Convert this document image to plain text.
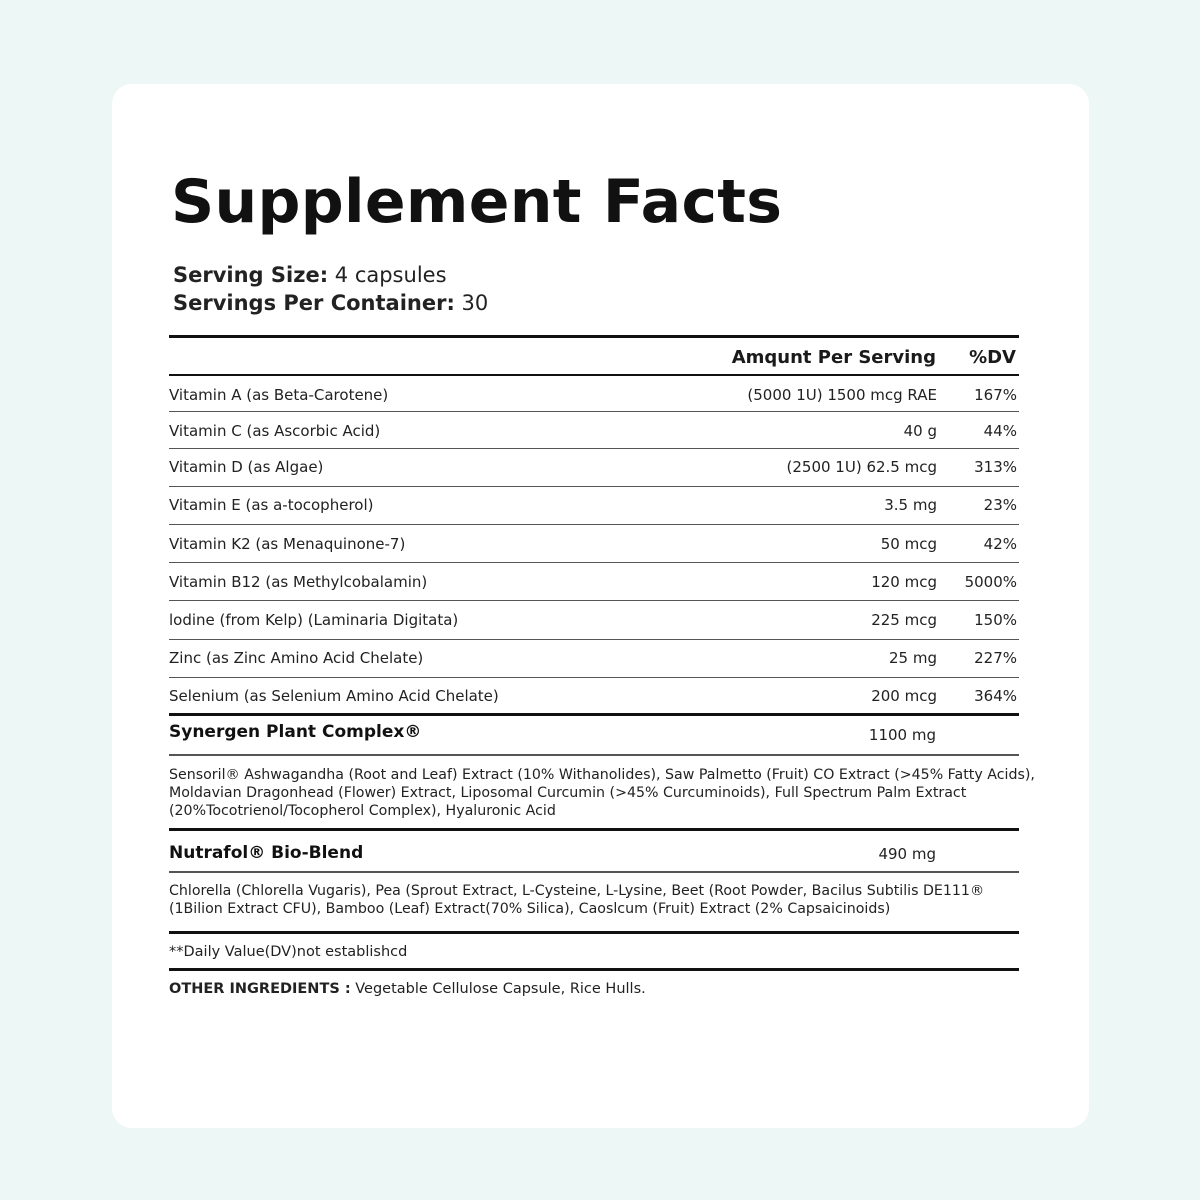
Supplement Facts
Serving Size: 4 capsules
Servings Per Container: 30
Amqunt Per Serving %DV
Vitamin A (as Beta-Carotene)	(5000 1U) 1500 mcg RAE 167%
Vitamin C (as Ascorbic Acid)	40 g	44%
Vitamin D (as Algae)	(2500 1U) 62.5 mcg 313%
Vitamin E (as a-tocopherol)	3.5 mg	23%
Vitamin K2 (as Menaquinone-7)	50 mcg	42%
Vitamin B12 (as Methylcobalamin)	120 mcg 5000%
lodine (from Kelp) (Laminaria Digitata)	225 mcg 150%
Zinc (as Zinc Amino Acid Chelate)	25 mg 227%
Selenium (as Selenium Amino Acid Chelate)	200 mcg 364%
Synergen Plant Complex®	1100 mg

Sensoril® Ashwagandha (Root and Leaf) Extract (10% Withanolides), Saw Palmetto (Fruit) CO Extract (>45% Fatty Acids), Moldavian Dragonhead (Flower) Extract, Liposomal Curcumin (>45% Curcuminoids), Full Spectrum Palm Extract (20%Tocotrienol/Tocopherol Complex), Hyaluronic Acid

Nutrafol® Bio-Blend	490 mg

Chlorella (Chlorella Vugaris), Pea (Sprout Extract, L-Cysteine, L-Lysine, Beet (Root Powder, Bacilus Subtilis DE111® (1Bilion Extract CFU), Bamboo (Leaf) Extract(70% Silica), Caoslcum (Fruit) Extract (2% Capsaicinoids)

**Daily Value(DV)not establishcd
OTHER INGREDIENTS : Vegetable Cellulose Capsule, Rice Hulls.
